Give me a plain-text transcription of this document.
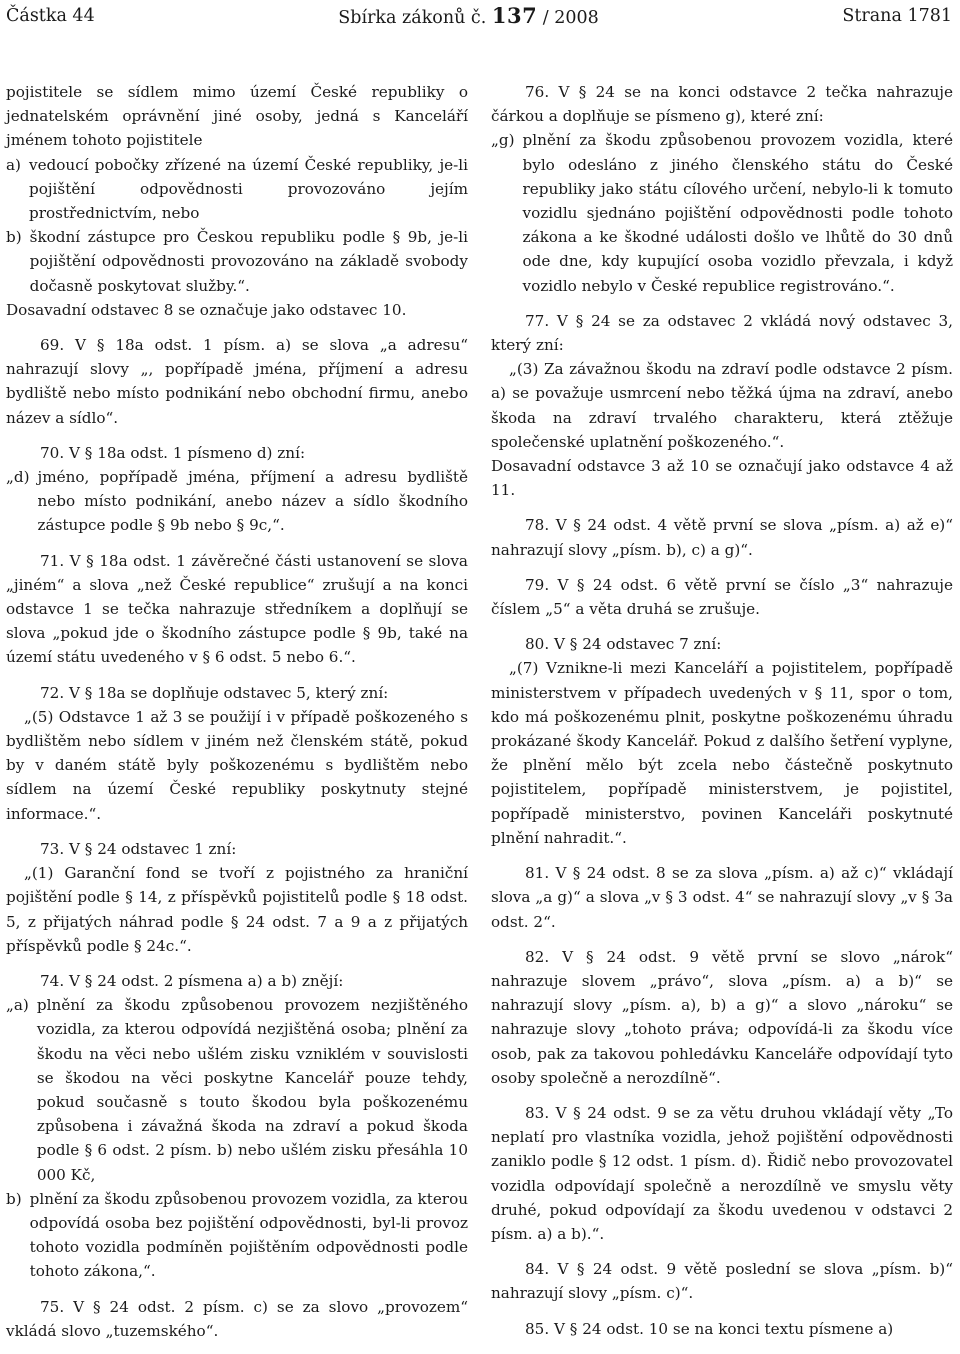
Částka 44	Sbírka zákonů č. 137 / 2008	Strana 1781

pojistitele se sídlem mimo území České republiky o jednatelském oprávnění jiné osoby, jedná s Kanceláří jménem tohoto pojistitele

a) vedoucí pobočky zřízené na území České republiky, je-li pojištění odpovědnosti provozováno jejím prostřednictvím, nebo
b) škodní zástupce pro Českou republiku podle § 9b, je-li pojištění odpovědnosti provozováno na základě svobody dočasně poskytovat služby.“.

Dosavadní odstavec 8 se označuje jako odstavec 10.

69. V § 18a odst. 1 písm. a) se slova „a adresu“ nahrazují slovy „, popřípadě jména, příjmení a adresu bydliště nebo místo podnikání nebo obchodní firmu, anebo název a sídlo“.

70. V § 18a odst. 1 písmeno d) zní:

„d) jméno, popřípadě jména, příjmení a adresu bydliště nebo místo podnikání, anebo název a sídlo škodního zástupce podle § 9b nebo § 9c,“.

71. V § 18a odst. 1 závěrečné části ustanovení se slova „jiném“ a slova „než České republice“ zrušují a na konci odstavce 1 se tečka nahrazuje středníkem a doplňují se slova „pokud jde o škodního zástupce podle § 9b, také na území státu uvedeného v § 6 odst. 5 nebo 6.“.

72. V § 18a se doplňuje odstavec 5, který zní:

„(5) Odstavce 1 až 3 se použijí i v případě poškozeného s bydlištěm nebo sídlem v jiném než členském státě, pokud by v daném státě byly poškozenému s bydlištěm nebo sídlem na území České republiky poskytnuty stejné informace.“.

73. V § 24 odstavec 1 zní:

„(1) Garanční fond se tvoří z pojistného za hraniční pojištění podle § 14, z příspěvků pojistitelů podle § 18 odst. 5, z přijatých náhrad podle § 24 odst. 7 a 9 a z přijatých příspěvků podle § 24c.“.

74. V § 24 odst. 2 písmena a) a b) znějí:

„a) plnění za škodu způsobenou provozem nezjištěného vozidla, za kterou odpovídá nezjištěná osoba; plnění za škodu na věci nebo ušlém zisku vzniklém v souvislosti se škodou na věci poskytne Kancelář pouze tehdy, pokud současně s touto škodou byla poškozenému způsobena i závažná škoda na zdraví a pokud škoda podle § 6 odst. 2 písm. b) nebo ušlém zisku přesáhla 10 000 Kč,
b) plnění za škodu způsobenou provozem vozidla, za kterou odpovídá osoba bez pojištění odpovědnosti, byl-li provoz tohoto vozidla podmíněn pojištěním odpovědnosti podle tohoto zákona,“.

75. V § 24 odst. 2 písm. c) se za slovo „provozem“ vkládá slovo „tuzemského“.

76. V § 24 se na konci odstavce 2 tečka nahrazuje čárkou a doplňuje se písmeno g), které zní:

„g) plnění za škodu způsobenou provozem vozidla, které bylo odesláno z jiného členského státu do České republiky jako státu cílového určení, nebylo-li k tomuto vozidlu sjednáno pojištění odpovědnosti podle tohoto zákona a ke škodné události došlo ve lhůtě do 30 dnů ode dne, kdy kupující osoba vozidlo převzala, i když vozidlo nebylo v České republice registrováno.“.

77. V § 24 se za odstavec 2 vkládá nový odstavec 3, který zní:

„(3) Za závažnou škodu na zdraví podle odstavce 2 písm. a) se považuje usmrcení nebo těžká újma na zdraví, anebo škoda na zdraví trvalého charakteru, která ztěžuje společenské uplatnění poškozeného.“.

Dosavadní odstavce 3 až 10 se označují jako odstavce 4 až 11.

78. V § 24 odst. 4 větě první se slova „písm. a) až e)“ nahrazují slovy „písm. b), c) a g)“.

79. V § 24 odst. 6 větě první se číslo „3“ nahrazuje číslem „5“ a věta druhá se zrušuje.

80. V § 24 odstavec 7 zní:

„(7) Vznikne-li mezi Kanceláří a pojistitelem, popřípadě ministerstvem v případech uvedených v § 11, spor o tom, kdo má poškozenému plnit, poskytne poškozenému úhradu prokázané škody Kancelář. Pokud z dalšího šetření vyplyne, že plnění mělo být zcela nebo částečně poskytnuto pojistitelem, popřípadě ministerstvem, je pojistitel, popřípadě ministerstvo, povinen Kanceláři poskytnuté plnění nahradit.“.

81. V § 24 odst. 8 se za slova „písm. a) až c)“ vkládají slova „a g)“ a slova „v § 3 odst. 4“ se nahrazují slovy „v § 3a odst. 2“.

82. V § 24 odst. 9 větě první se slovo „nárok“ nahrazuje slovem „právo“, slova „písm. a) a b)“ se nahrazují slovy „písm. a), b) a g)“ a slovo „nároku“ se nahrazuje slovy „tohoto práva; odpovídá-li za škodu více osob, pak za takovou pohledávku Kanceláře odpovídají tyto osoby společně a nerozdílně“.

83. V § 24 odst. 9 se za větu druhou vkládají věty „To neplatí pro vlastníka vozidla, jehož pojištění odpovědnosti zaniklo podle § 12 odst. 1 písm. d). Řidič nebo provozovatel vozidla odpovídají společně a nerozdílně ve smyslu věty druhé, pokud odpovídají za škodu uvedenou v odstavci 2 písm. a) a b).“.

84. V § 24 odst. 9 větě poslední se slova „písm. b)“ nahrazují slovy „písm. c)“.

85. V § 24 odst. 10 se na konci textu písmene a)
